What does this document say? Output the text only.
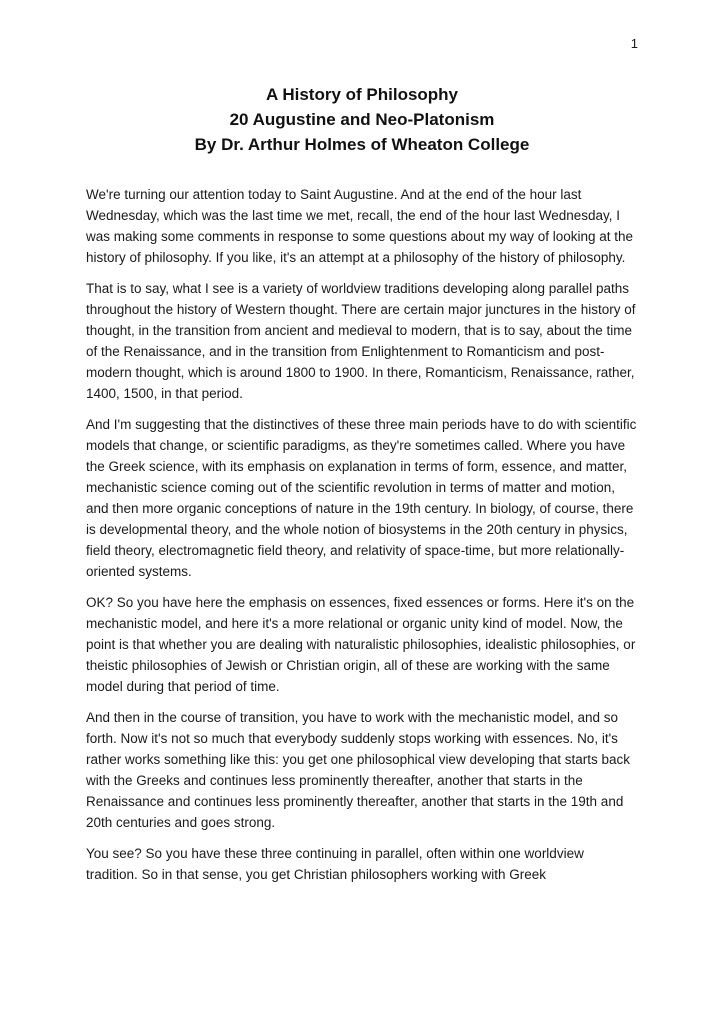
1
A History of Philosophy
20 Augustine and Neo-Platonism
By Dr. Arthur Holmes of Wheaton College

We're turning our attention today to Saint Augustine. And at the end of the hour last Wednesday, which was the last time we met, recall, the end of the hour last Wednesday, I was making some comments in response to some questions about my way of looking at the history of philosophy. If you like, it's an attempt at a philosophy of the history of philosophy.

That is to say, what I see is a variety of worldview traditions developing along parallel paths throughout the history of Western thought. There are certain major junctures in the history of thought, in the transition from ancient and medieval to modern, that is to say, about the time of the Renaissance, and in the transition from Enlightenment to Romanticism and post-modern thought, which is around 1800 to 1900. In there, Romanticism, Renaissance, rather, 1400, 1500, in that period.

And I'm suggesting that the distinctives of these three main periods have to do with scientific models that change, or scientific paradigms, as they're sometimes called. Where you have the Greek science, with its emphasis on explanation in terms of form, essence, and matter, mechanistic science coming out of the scientific revolution in terms of matter and motion, and then more organic conceptions of nature in the 19th century. In biology, of course, there is developmental theory, and the whole notion of biosystems in the 20th century in physics, field theory, electromagnetic field theory, and relativity of space-time, but more relationally-oriented systems.

OK? So you have here the emphasis on essences, fixed essences or forms. Here it's on the mechanistic model, and here it's a more relational or organic unity kind of model. Now, the point is that whether you are dealing with naturalistic philosophies, idealistic philosophies, or theistic philosophies of Jewish or Christian origin, all of these are working with the same model during that period of time.

And then in the course of transition, you have to work with the mechanistic model, and so forth. Now it's not so much that everybody suddenly stops working with essences. No, it's rather works something like this: you get one philosophical view developing that starts back with the Greeks and continues less prominently thereafter, another that starts in the Renaissance and continues less prominently thereafter, another that starts in the 19th and 20th centuries and goes strong.

You see? So you have these three continuing in parallel, often within one worldview tradition. So in that sense, you get Christian philosophers working with Greek
